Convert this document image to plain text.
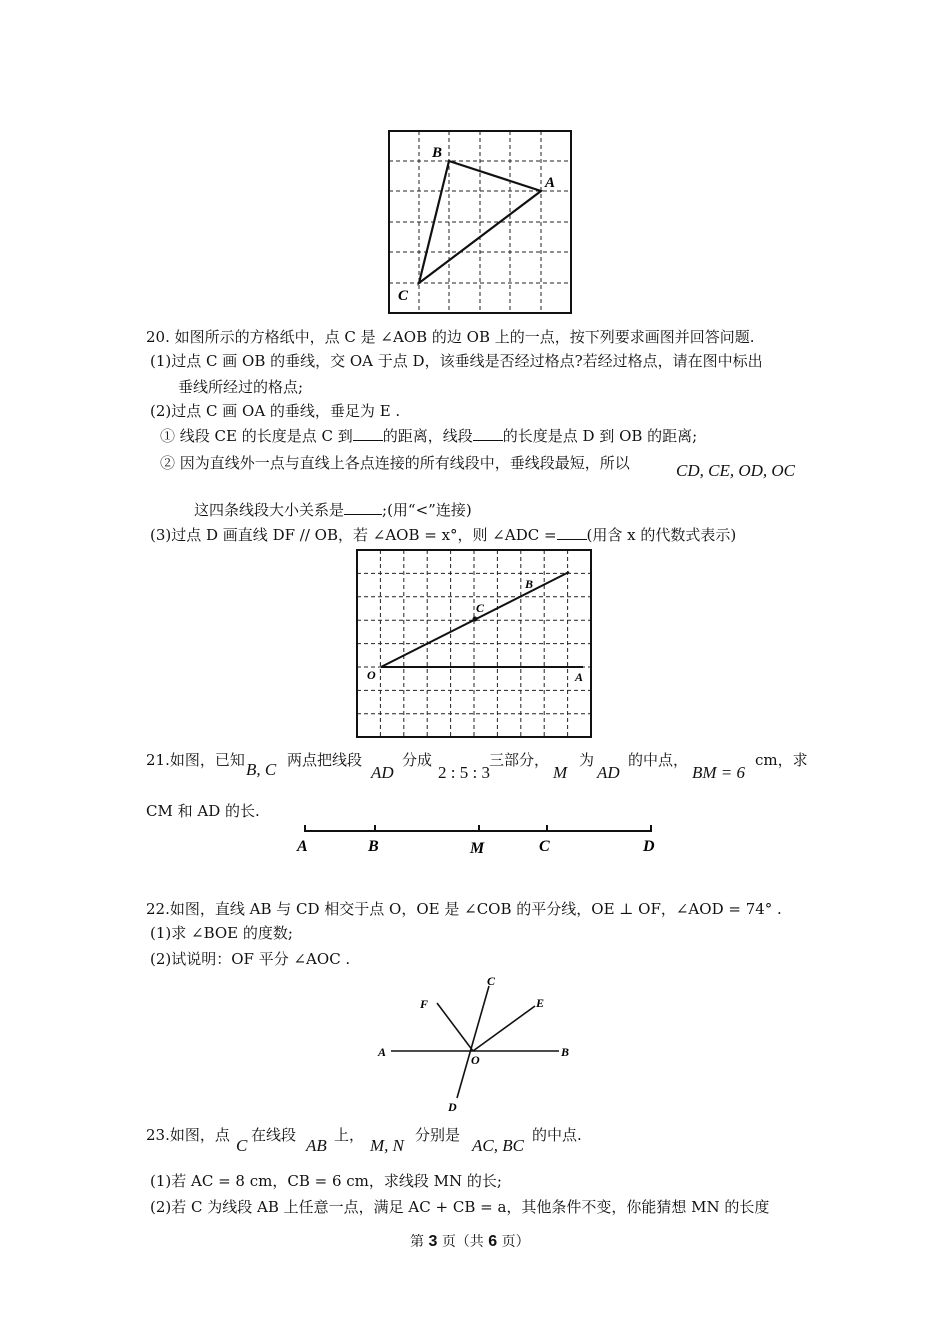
B
A
C
20. 如图所示的方格纸中，点 C 是 ∠AOB 的边 OB 上的一点，按下列要求画图并回答问题.
(1)过点 C 画 OB 的垂线，交 OA 于点 D，该垂线是否经过格点?若经过格点，请在图中标出
垂线所经过的格点;
(2)过点 C 画 OA 的垂线，垂足为 E .
① 线段 CE 的长度是点 C 到 的距离，线段 的长度是点 D 到 OB 的距离;
② 因为直线外一点与直线上各点连接的所有线段中，垂线段最短，所以	CD, CE, OD, OC
这四条线段大小关系是	;(用“<”连接)
(3)过点 D 画直线 DF // OB，若 ∠AOB = x°，则 ∠ADC = (用含 x 的代数式表示)
B
C
O	A
21.如图，已知 B, C 两点把线段
AD
分成
2 : 5 : 3
三部分，
M
为
AD
的中点，
BM = 6
cm，求
CM 和 AD 的长.
A	B	M	C	D
22.如图，直线 AB 与 CD 相交于点 O，OE 是 ∠COB 的平分线，OE ⊥ OF，∠AOD = 74° .
(1)求 ∠BOE 的度数;
(2)试说明：OF 平分 ∠AOC .
F
C
E
A
O
B
D
23.如图，点
C
在线段
AB
上，
M, N
分别是
AC, BC
的中点.
(1)若 AC = 8 cm，CB = 6 cm，求线段 MN 的长;
(2)若 C 为线段 AB 上任意一点，满足 AC + CB = a，其他条件不变，你能猜想 MN 的长度
第 3 页（共 6 页）
